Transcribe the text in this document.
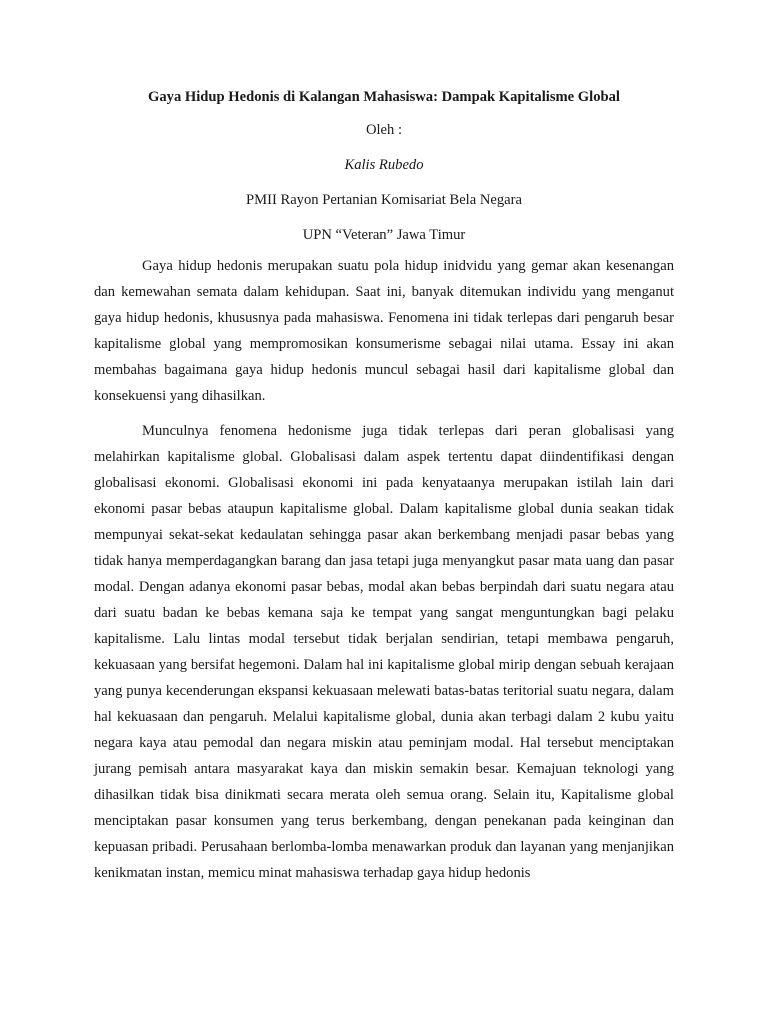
Gaya Hidup Hedonis di Kalangan Mahasiswa: Dampak Kapitalisme Global

Oleh :

Kalis Rubedo

PMII Rayon Pertanian Komisariat Bela Negara

UPN “Veteran” Jawa Timur

Gaya hidup hedonis merupakan suatu pola hidup inidvidu yang gemar akan kesenangan dan kemewahan semata dalam kehidupan. Saat ini, banyak ditemukan individu yang menganut gaya hidup hedonis, khususnya pada mahasiswa. Fenomena ini tidak terlepas dari pengaruh besar kapitalisme global yang mempromosikan konsumerisme sebagai nilai utama. Essay ini akan membahas bagaimana gaya hidup hedonis muncul sebagai hasil dari kapitalisme global dan konsekuensi yang dihasilkan.

Munculnya fenomena hedonisme juga tidak terlepas dari peran globalisasi yang melahirkan kapitalisme global. Globalisasi dalam aspek tertentu dapat diindentifikasi dengan globalisasi ekonomi. Globalisasi ekonomi ini pada kenyataanya merupakan istilah lain dari ekonomi pasar bebas ataupun kapitalisme global. Dalam kapitalisme global dunia seakan tidak mempunyai sekat-sekat kedaulatan sehingga pasar akan berkembang menjadi pasar bebas yang tidak hanya memperdagangkan barang dan jasa tetapi juga menyangkut pasar mata uang dan pasar modal. Dengan adanya ekonomi pasar bebas, modal akan bebas berpindah dari suatu negara atau dari suatu badan ke bebas kemana saja ke tempat yang sangat menguntungkan bagi pelaku kapitalisme. Lalu lintas modal tersebut tidak berjalan sendirian, tetapi membawa pengaruh, kekuasaan yang bersifat hegemoni. Dalam hal ini kapitalisme global mirip dengan sebuah kerajaan yang punya kecenderungan ekspansi kekuasaan melewati batas-batas teritorial suatu negara, dalam hal kekuasaan dan pengaruh. Melalui kapitalisme global, dunia akan terbagi dalam 2 kubu yaitu negara kaya atau pemodal dan negara miskin atau peminjam modal. Hal tersebut menciptakan jurang pemisah antara masyarakat kaya dan miskin semakin besar. Kemajuan teknologi yang dihasilkan tidak bisa dinikmati secara merata oleh semua orang. Selain itu, Kapitalisme global menciptakan pasar konsumen yang terus berkembang, dengan penekanan pada keinginan dan kepuasan pribadi. Perusahaan berlomba-lomba menawarkan produk dan layanan yang menjanjikan kenikmatan instan, memicu minat mahasiswa terhadap gaya hidup hedonis
